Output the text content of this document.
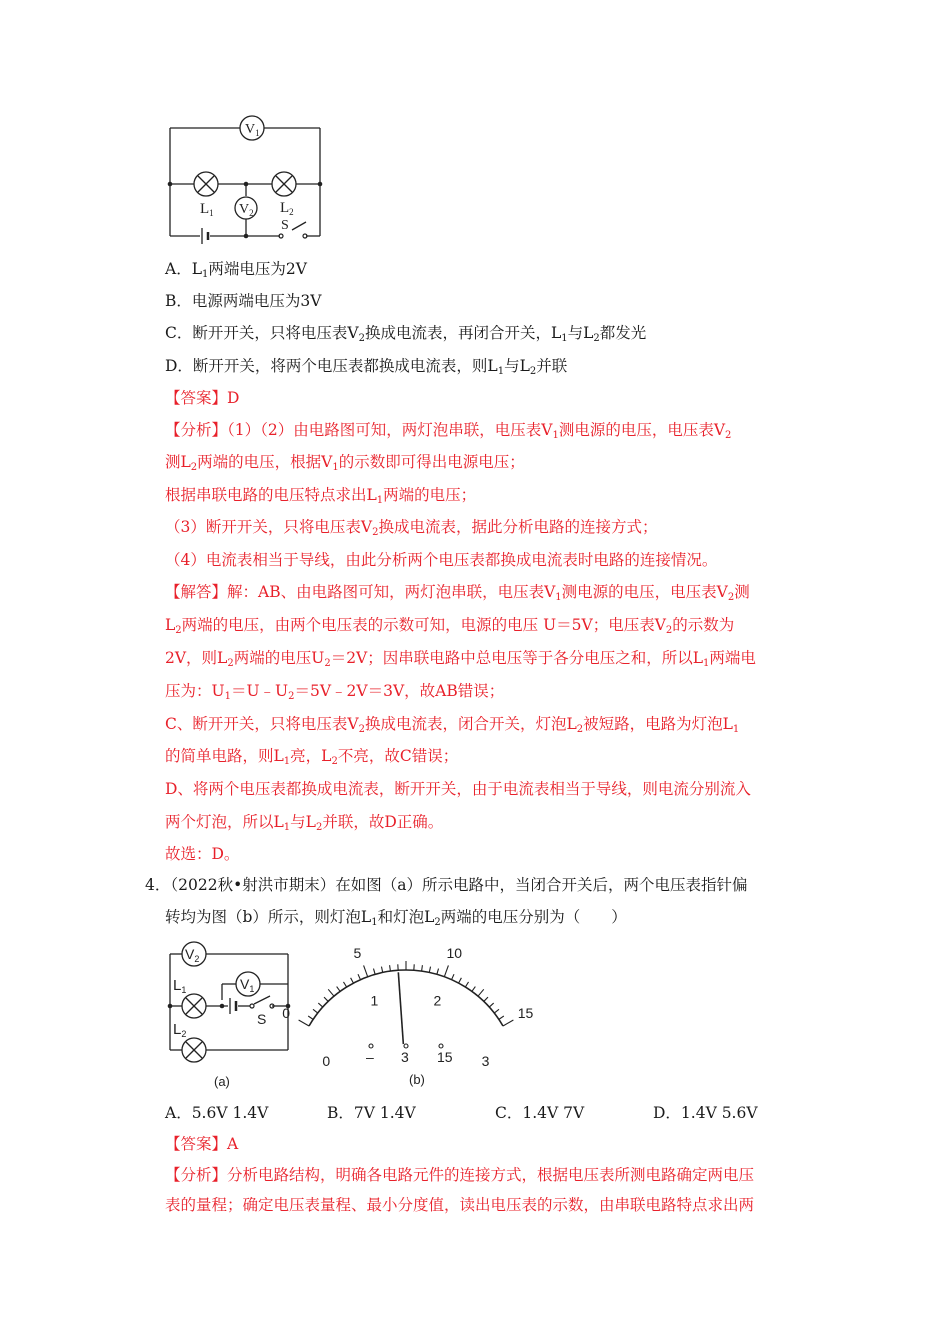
$V_1$
$V_2$
$L_1$	$L_2$
S
A．$L_1$两端电压为2V
B．电源两端电压为3V
C．断开开关，只将电压表$V_2$换成电流表，再闭合开关，$L_1$与$L_2$都发光
D．断开开关，将两个电压表都换成电流表，则$L_1$与$L_2$并联
【答案】D
【分析】（1）（2）由电路图可知，两灯泡串联，电压表$V_1$测电源的电压，电压表$V_2$
测$L_2$两端的电压，根据$V_1$的示数即可得出电源电压；
根据串联电路的电压特点求出$L_1$两端的电压；
（3）断开开关，只将电压表$V_2$换成电流表，据此分析电路的连接方式；
（4）电流表相当于导线，由此分析两个电压表都换成电流表时电路的连接情况。
【解答】解：AB、由电路图可知，两灯泡串联，电压表$V_1$测电源的电压，电压表$V_2$测
$L_2$两端的电压，由两个电压表的示数可知，电源的电压 U＝5V；电压表$V_2$的示数为
2V，则$L_2$两端的电压$U_2=2V$；因串联电路中总电压等于各分电压之和，所以$L_1$两端电
压为：$U_1=U﹣U_2=5V﹣2V=3V$，故AB错误；
C、断开开关，只将电压表$V_2$换成电流表，闭合开关，灯泡$L_2$被短路，电路为灯泡$L_1$
的简单电路，则$L_1$亮，$L_2$不亮，故C错误；
D、将两个电压表都换成电流表，断开开关，由于电流表相当于导线，则电流分别流入
两个灯泡，所以$L_1$与$L_2$并联，故D正确。
故选：D。
4．（2022秋•射洪市期末）在如图（a）所示电路中，当闭合开关后，两个电压表指针偏
转均为图（b）所示，则灯泡$L_1$和灯泡$L_2$两端的电压分别为（　　）
$V_2$
$V_1$
$L_1$
$L_2$
S
(a)
0
5	10
15
0
1	2
3
– 3 15
(b)
A．5.6V 1.4V	B．7V 1.4V	C．1.4V 7V	D．1.4V 5.6V
【答案】A
【分析】分析电路结构，明确各电路元件的连接方式，根据电压表所测电路确定两电压
表的量程；确定电压表量程、最小分度值，读出电压表的示数，由串联电路特点求出两
